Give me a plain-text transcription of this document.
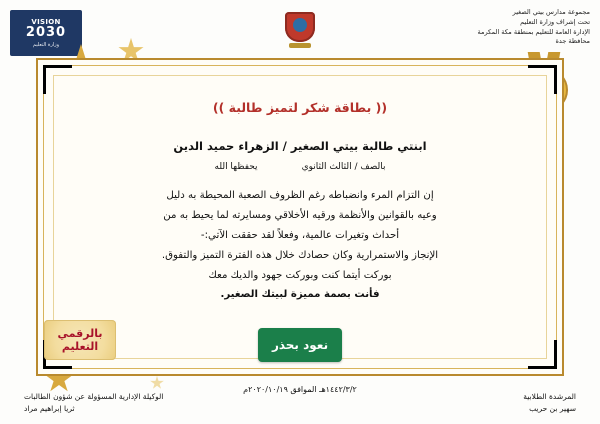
VISION
2030
وزارة التعليم
مجموعة مدارس بيتي الصغير
تحت إشراف وزارة التعليم
الإدارة العامة للتعليم بمنطقة مكة المكرمة
محافظة جدة
(( بطاقة شكر لتميز طالبة ))
ابنتي طالبة بيتي الصغير / الزهراء حميد الدين
بالصف / الثالث الثانوي
يحفظها الله

إن التزام المرء وانضباطه رغم الظروف الصعبة المحيطة به دليل

وعيه بالقوانين والأنظمة ورقيه الأخلاقي ومسايرته لما يحيط به من

أحداث وتغيرات عالمية، وفعلاً لقد حققت الآتي:-

الإنجاز والاستمرارية وكان حصادك خلال هذه الفترة التميز والتفوق.

بوركت أيتما كنت وبوركت جهود والديك معك

فأنت بصمة مميزة لبيتك الصغير.

بالرقمي التعليم	نعود بحذر
١٤٤٢/٣/٢هـ الموافق ٢٠٢٠/١٠/١٩م
المرشدة الطلابية
سهير بن حريب
الوكيلة الإدارية المسؤولة عن شؤون الطالبات
ثريا إبراهيم مراد
